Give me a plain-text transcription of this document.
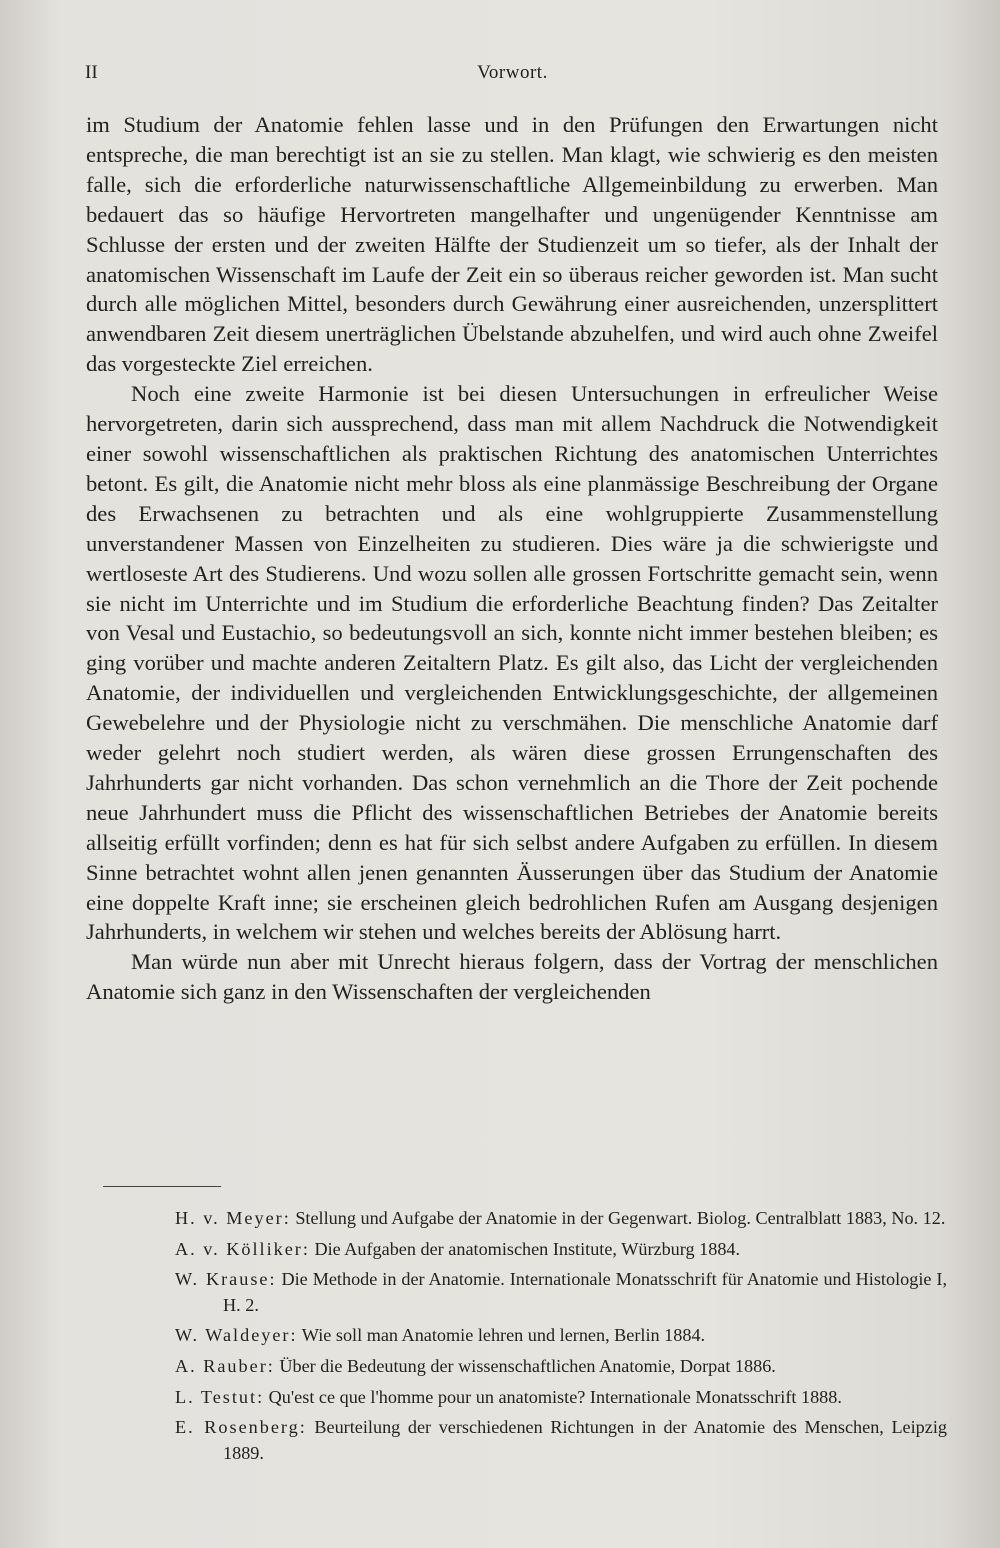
II	Vorwort.

im Studium der Anatomie fehlen lasse und in den Prüfungen den Erwartungen nicht entspreche, die man berechtigt ist an sie zu stellen. Man klagt, wie schwierig es den meisten falle, sich die erforderliche naturwissenschaftliche Allgemeinbildung zu erwerben. Man bedauert das so häufige Hervortreten mangelhafter und ungenügender Kenntnisse am Schlusse der ersten und der zweiten Hälfte der Studienzeit um so tiefer, als der Inhalt der anatomischen Wissenschaft im Laufe der Zeit ein so überaus reicher geworden ist. Man sucht durch alle möglichen Mittel, besonders durch Gewährung einer ausreichenden, unzersplittert anwendbaren Zeit diesem unerträglichen Übelstande abzuhelfen, und wird auch ohne Zweifel das vorgesteckte Ziel erreichen.

Noch eine zweite Harmonie ist bei diesen Untersuchungen in erfreulicher Weise hervorgetreten, darin sich aussprechend, dass man mit allem Nachdruck die Notwendigkeit einer sowohl wissenschaftlichen als praktischen Richtung des anatomischen Unterrichtes betont. Es gilt, die Anatomie nicht mehr bloss als eine planmässige Beschreibung der Organe des Erwachsenen zu betrachten und als eine wohlgruppierte Zusammenstellung unverstandener Massen von Einzelheiten zu studieren. Dies wäre ja die schwierigste und wertloseste Art des Studierens. Und wozu sollen alle grossen Fortschritte gemacht sein, wenn sie nicht im Unterrichte und im Studium die erforderliche Beachtung finden? Das Zeitalter von Vesal und Eustachio, so bedeutungsvoll an sich, konnte nicht immer bestehen bleiben; es ging vorüber und machte anderen Zeitaltern Platz. Es gilt also, das Licht der vergleichenden Anatomie, der individuellen und vergleichenden Entwicklungsgeschichte, der allgemeinen Gewebelehre und der Physiologie nicht zu verschmähen. Die menschliche Anatomie darf weder gelehrt noch studiert werden, als wären diese grossen Errungenschaften des Jahrhunderts gar nicht vorhanden. Das schon vernehmlich an die Thore der Zeit pochende neue Jahrhundert muss die Pflicht des wissenschaftlichen Betriebes der Anatomie bereits allseitig erfüllt vorfinden; denn es hat für sich selbst andere Aufgaben zu erfüllen. In diesem Sinne betrachtet wohnt allen jenen genannten Äusserungen über das Studium der Anatomie eine doppelte Kraft inne; sie erscheinen gleich bedrohlichen Rufen am Ausgang desjenigen Jahrhunderts, in welchem wir stehen und welches bereits der Ablösung harrt.

Man würde nun aber mit Unrecht hieraus folgern, dass der Vortrag der menschlichen Anatomie sich ganz in den Wissenschaften der vergleichenden

H. v. Meyer: Stellung und Aufgabe der Anatomie in der Gegenwart. Biolog. Centralblatt 1883, No. 12.

A. v. Kölliker: Die Aufgaben der anatomischen Institute, Würzburg 1884.

W. Krause: Die Methode in der Anatomie. Internationale Monatsschrift für Anatomie und Histologie I, H. 2.

W. Waldeyer: Wie soll man Anatomie lehren und lernen, Berlin 1884.

A. Rauber: Über die Bedeutung der wissenschaftlichen Anatomie, Dorpat 1886.

L. Testut: Qu'est ce que l'homme pour un anatomiste? Internationale Monatsschrift 1888.

E. Rosenberg: Beurteilung der verschiedenen Richtungen in der Anatomie des Menschen, Leipzig 1889.
